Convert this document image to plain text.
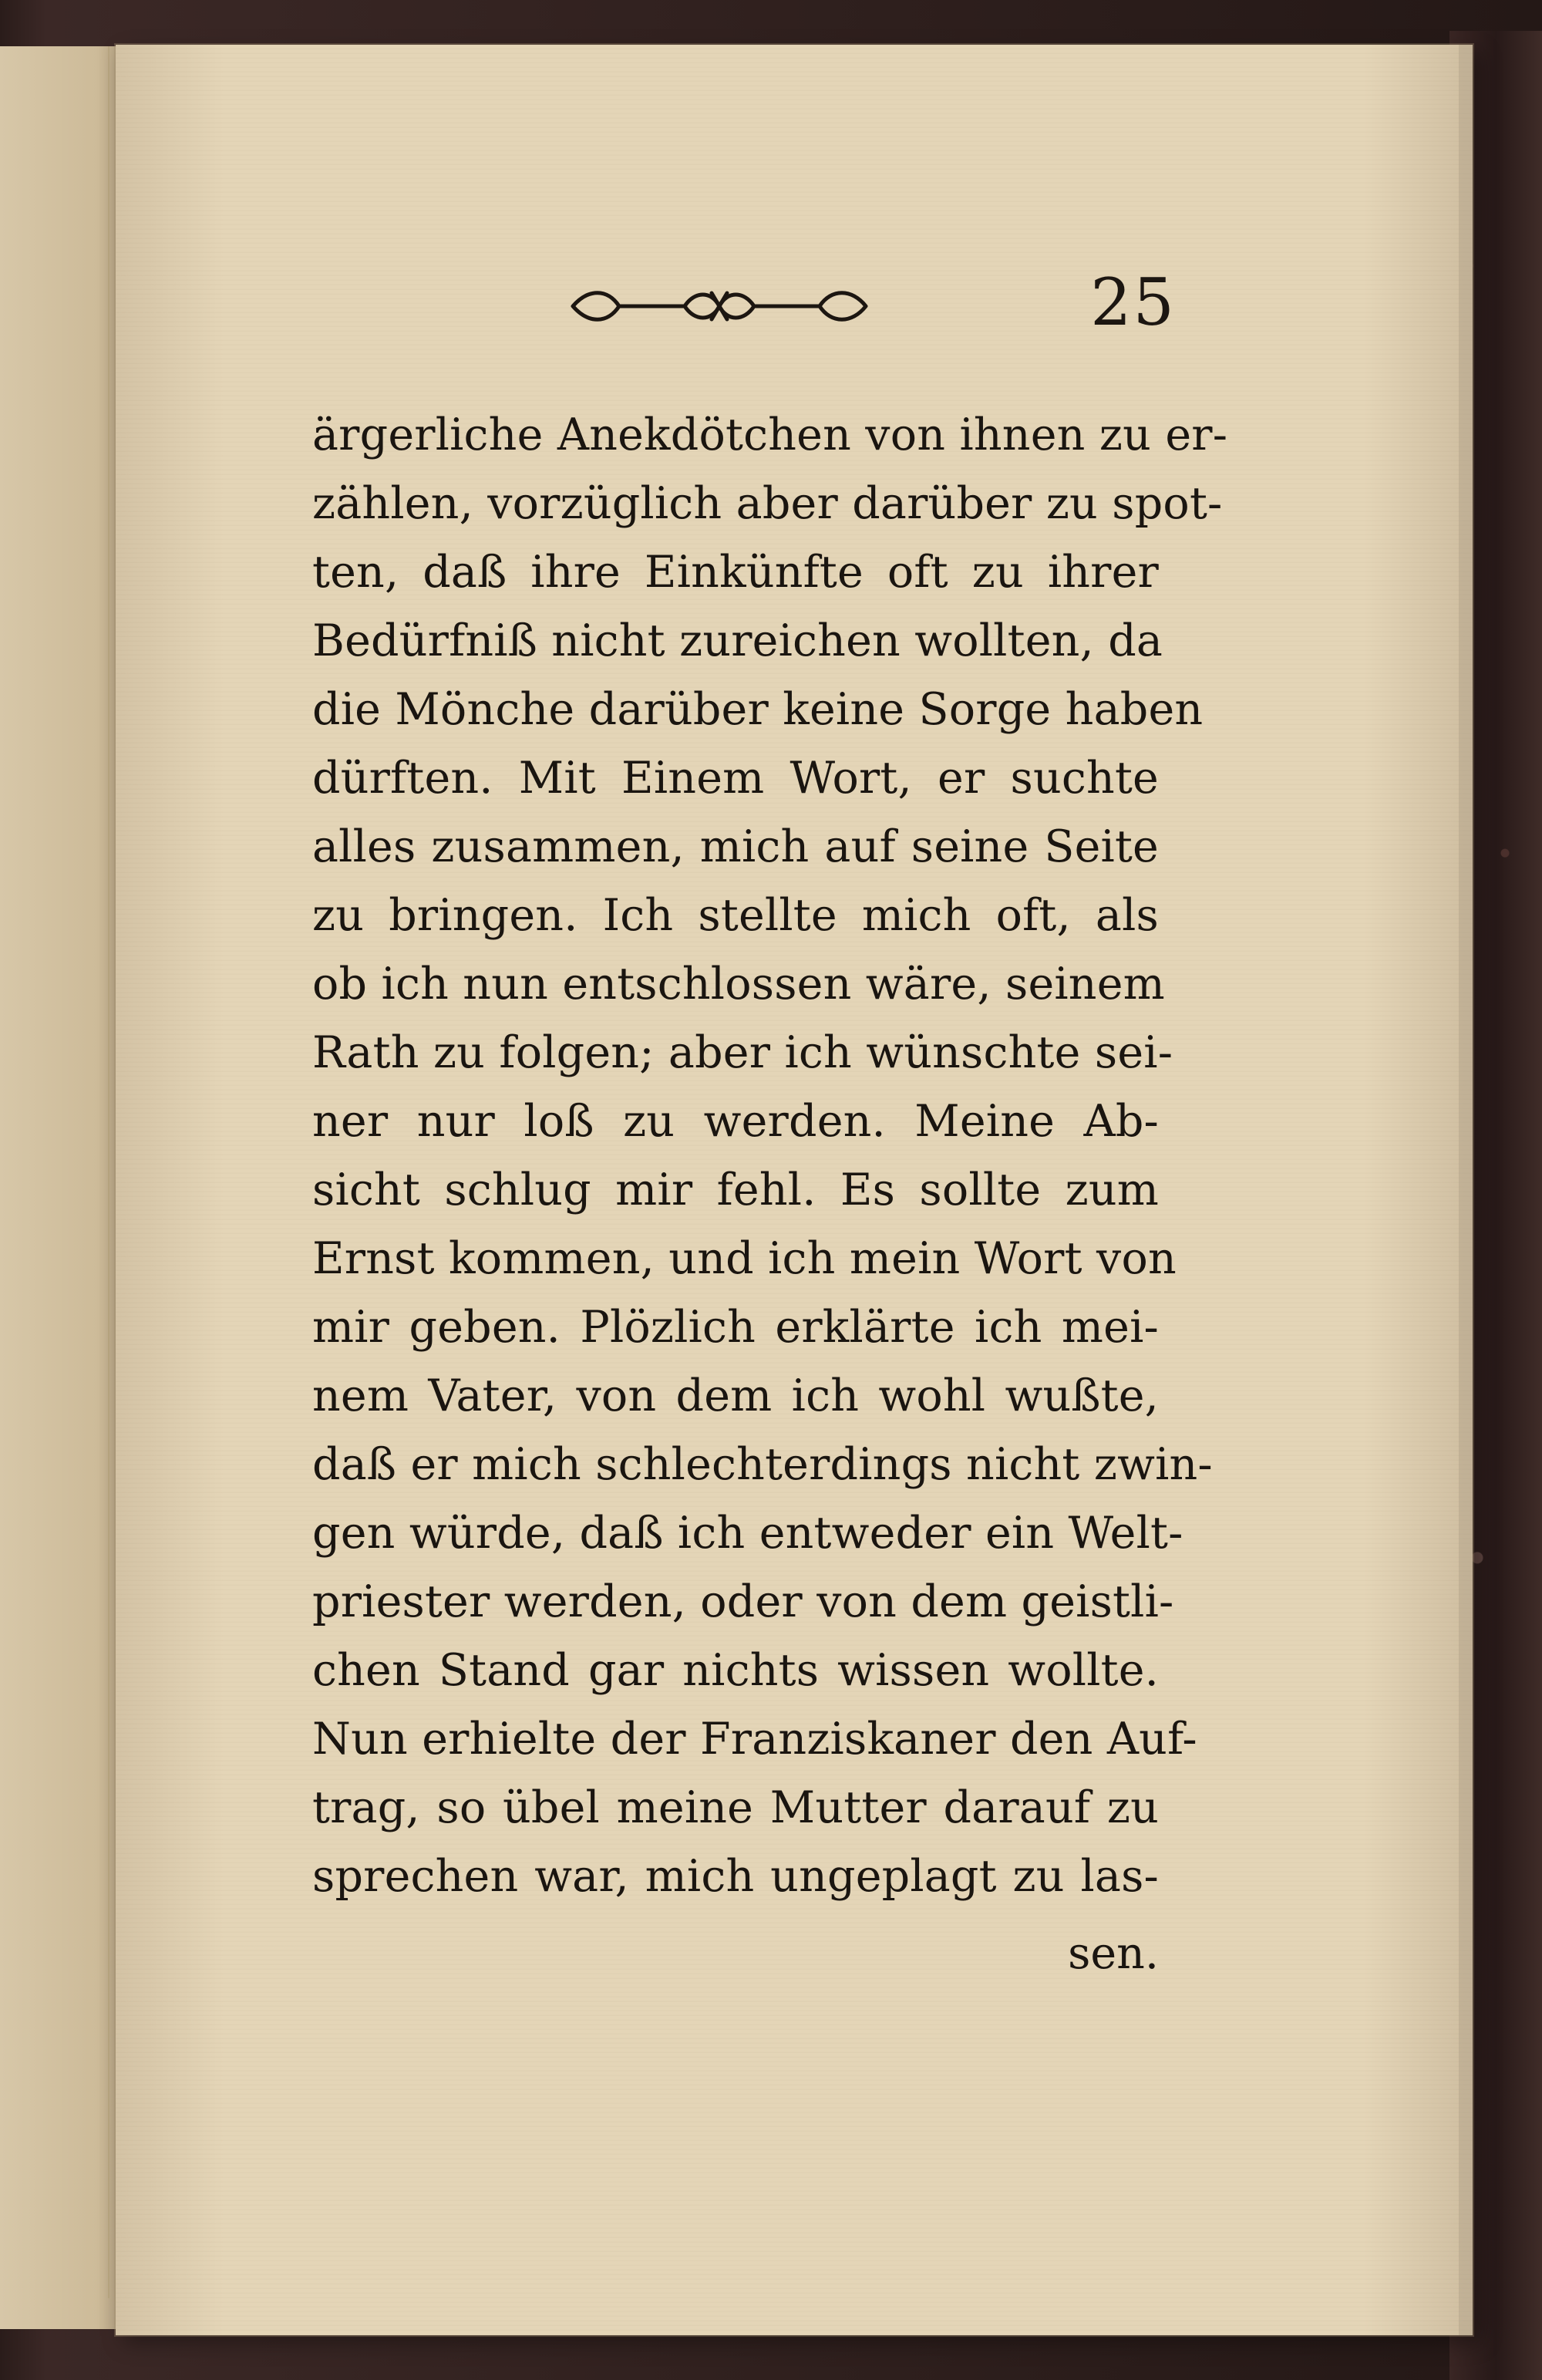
25
ärgerliche Anekdötchen von ihnen zu er-
zählen, vorzüglich aber darüber zu spot-
ten, daß ihre Einkünfte oft zu ihrer
Bedürfniß nicht zureichen wollten, da
die Mönche darüber keine Sorge haben
dürften. Mit Einem Wort, er suchte
alles zusammen, mich auf seine Seite
zu bringen. Ich stellte mich oft, als
ob ich nun entschlossen wäre, seinem
Rath zu folgen; aber ich wünschte sei-
ner nur loß zu werden. Meine Ab-
sicht schlug mir fehl. Es sollte zum
Ernst kommen, und ich mein Wort von
mir geben. Plözlich erklärte ich mei-
nem Vater, von dem ich wohl wußte,
daß er mich schlechterdings nicht zwin-
gen würde, daß ich entweder ein Welt-
priester werden, oder von dem geistli-
chen Stand gar nichts wissen wollte.
Nun erhielte der Franziskaner den Auf-
trag, so übel meine Mutter darauf zu
sprechen war, mich ungeplagt zu las-
sen.
